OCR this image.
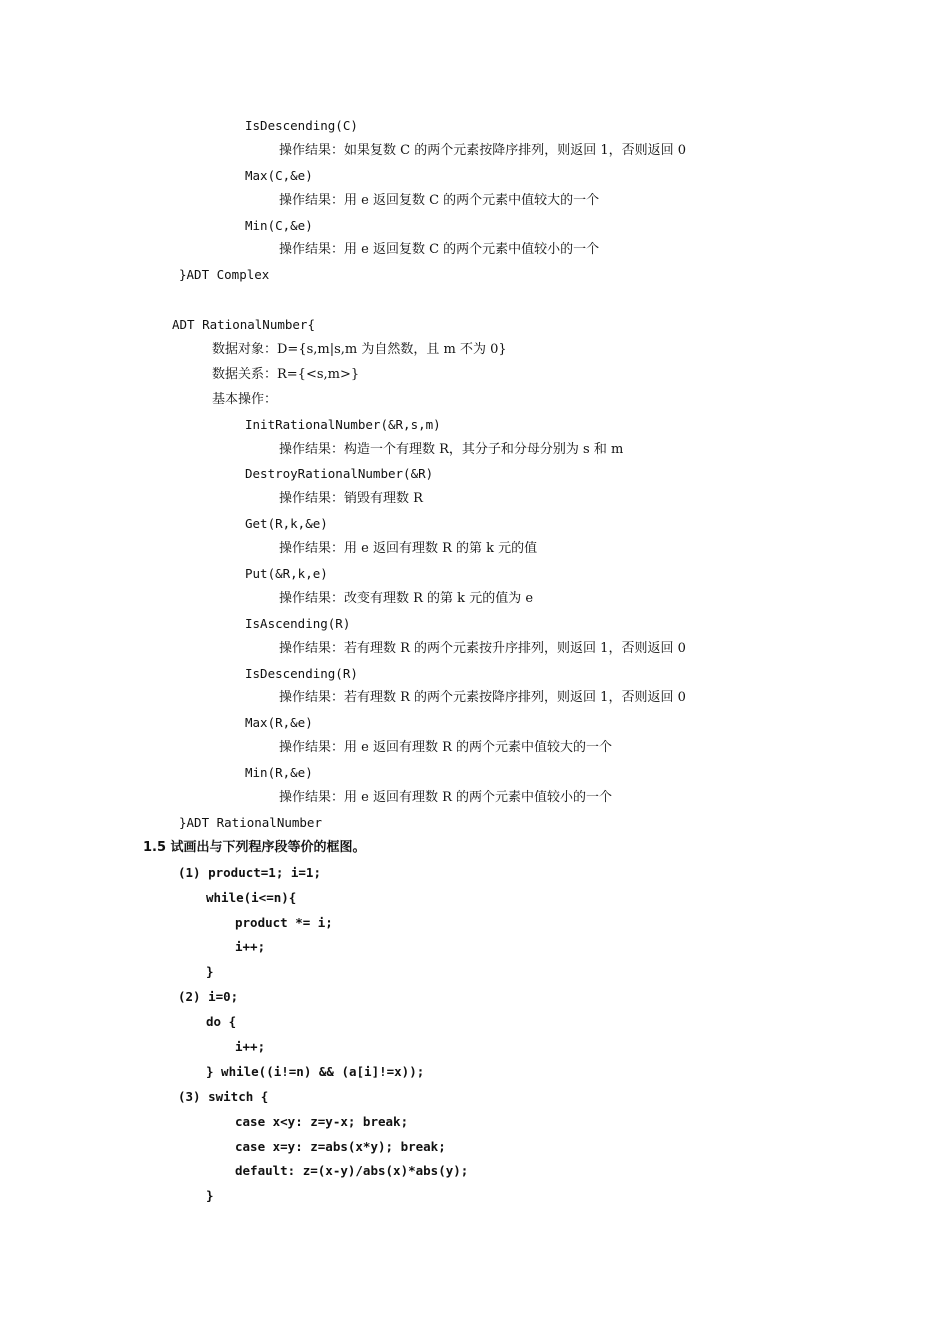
IsDescending(C)
操作结果：如果复数 C 的两个元素按降序排列，则返回 1，否则返回 0
Max(C,&e)
操作结果：用 e 返回复数 C 的两个元素中值较大的一个
Min(C,&e)
操作结果：用 e 返回复数 C 的两个元素中值较小的一个
}ADT Complex
ADT RationalNumber{
数据对象：D={s,m|s,m 为自然数，且 m 不为 0}
数据关系：R={<s,m>}
基本操作：
InitRationalNumber(&R,s,m)
操作结果：构造一个有理数 R，其分子和分母分别为 s 和 m
DestroyRationalNumber(&R)
操作结果：销毁有理数 R
Get(R,k,&e)
操作结果：用 e 返回有理数 R 的第 k 元的值
Put(&R,k,e)
操作结果：改变有理数 R 的第 k 元的值为 e
IsAscending(R)
操作结果：若有理数 R 的两个元素按升序排列，则返回 1，否则返回 0
IsDescending(R)
操作结果：若有理数 R 的两个元素按降序排列，则返回 1，否则返回 0
Max(R,&e)
操作结果：用 e 返回有理数 R 的两个元素中值较大的一个
Min(R,&e)
操作结果：用 e 返回有理数 R 的两个元素中值较小的一个
}ADT RationalNumber
1.5 试画出与下列程序段等价的框图。
(1) product=1; i=1;
while(i<=n){
product *= i;
i++;
}
(2) i=0;
do {
i++;
} while((i!=n) && (a[i]!=x));
(3) switch {
case x<y: z=y-x; break;
case x=y: z=abs(x*y); break;
default: z=(x-y)/abs(x)*abs(y);
}
